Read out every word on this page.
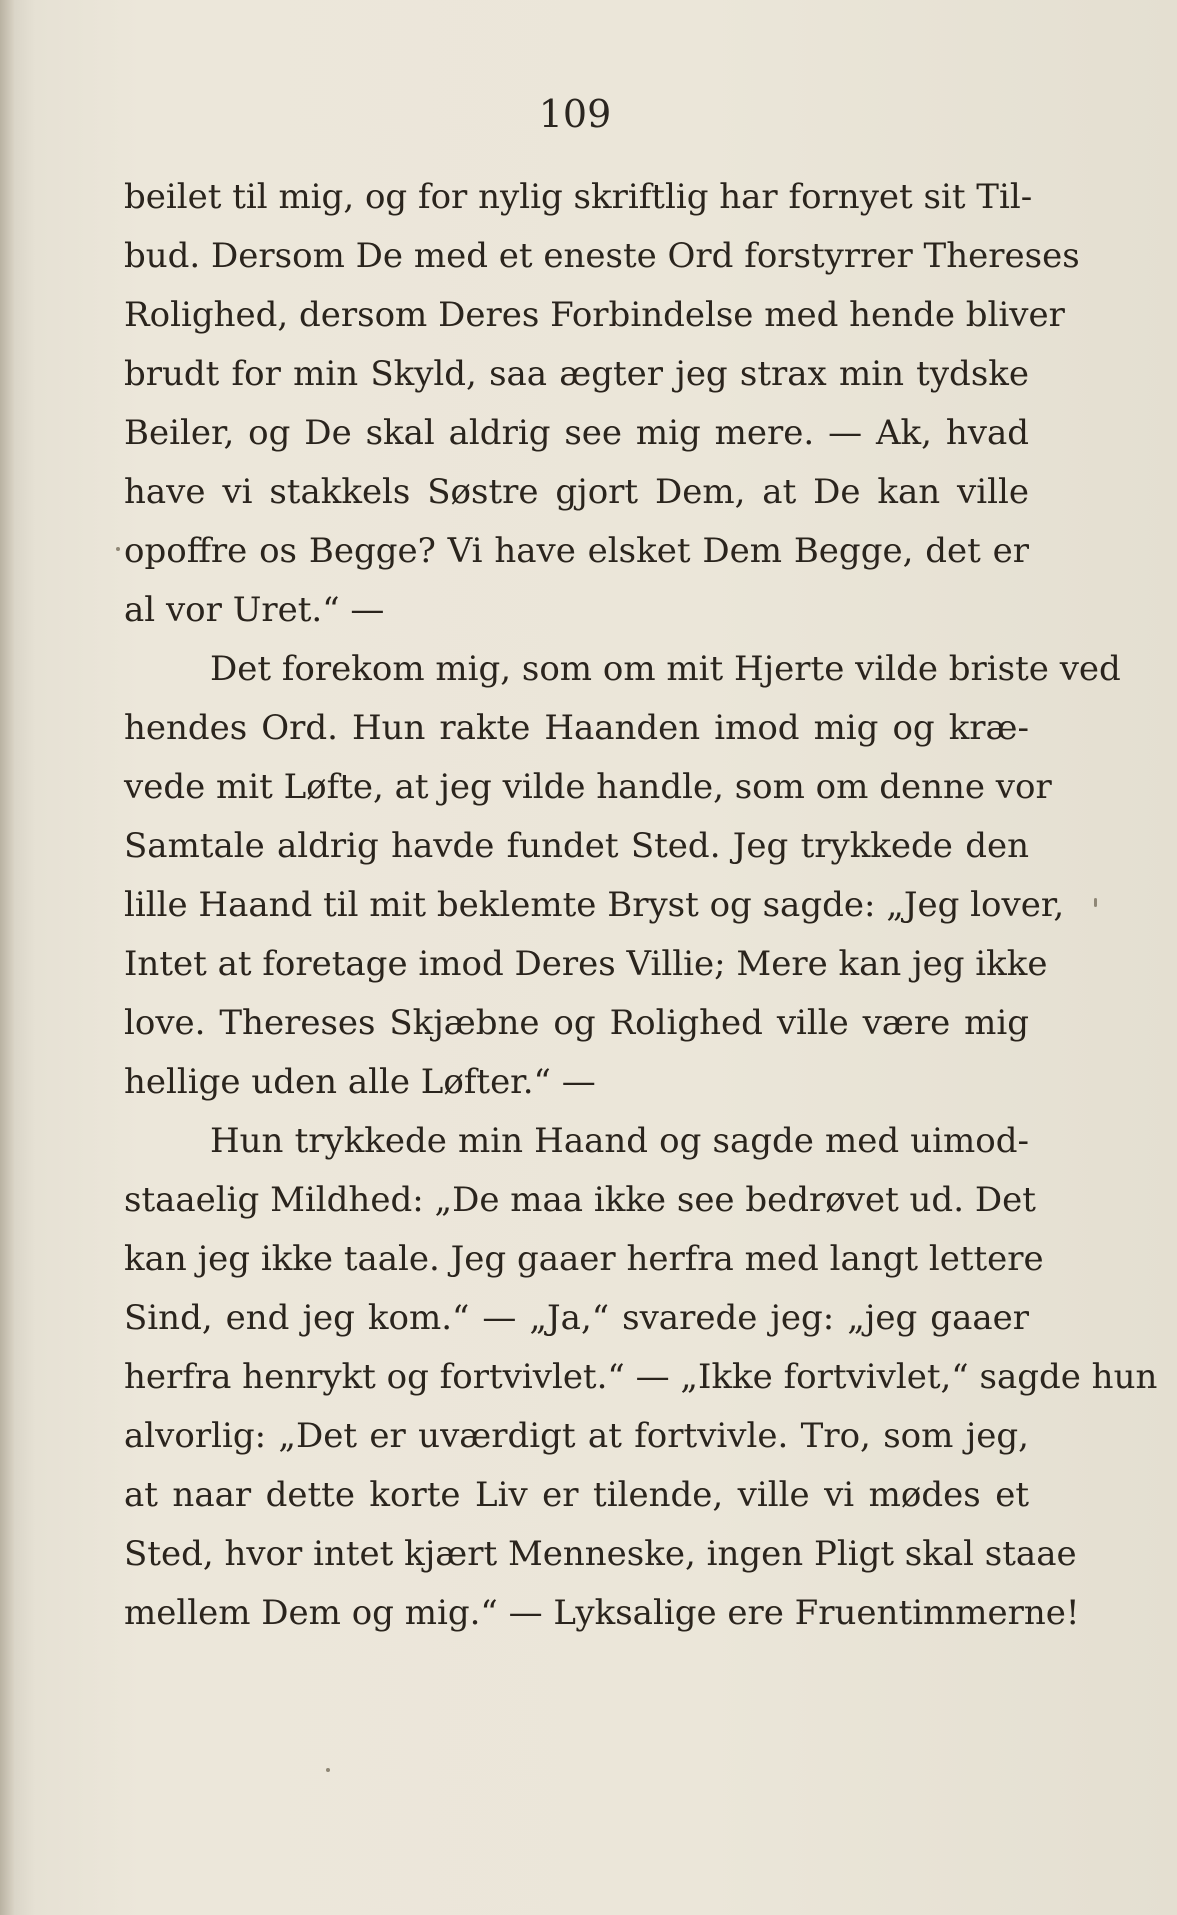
109
beilet til mig, og for nylig skriftlig har fornyet sit Til-
bud. Dersom De med et eneste Ord forstyrrer Thereses
Rolighed, dersom Deres Forbindelse med hende bliver
brudt for min Skyld, saa ægter jeg strax min tydske
Beiler, og De skal aldrig see mig mere. — Ak, hvad
have vi stakkels Søstre gjort Dem, at De kan ville
opoffre os Begge? Vi have elsket Dem Begge, det er
al vor Uret.“ —
Det forekom mig, som om mit Hjerte vilde briste ved
hendes Ord. Hun rakte Haanden imod mig og kræ-
vede mit Løfte, at jeg vilde handle, som om denne vor
Samtale aldrig havde fundet Sted. Jeg trykkede den
lille Haand til mit beklemte Bryst og sagde: „Jeg lover,
Intet at foretage imod Deres Villie; Mere kan jeg ikke
love. Thereses Skjæbne og Rolighed ville være mig
hellige uden alle Løfter.“ —
Hun trykkede min Haand og sagde med uimod-
staaelig Mildhed: „De maa ikke see bedrøvet ud. Det
kan jeg ikke taale. Jeg gaaer herfra med langt lettere
Sind, end jeg kom.“ — „Ja,“ svarede jeg: „jeg gaaer
herfra henrykt og fortvivlet.“ — „Ikke fortvivlet,“ sagde hun
alvorlig: „Det er uværdigt at fortvivle. Tro, som jeg,
at naar dette korte Liv er tilende, ville vi mødes et
Sted, hvor intet kjært Menneske, ingen Pligt skal staae
mellem Dem og mig.“ — Lyksalige ere Fruentimmerne!
